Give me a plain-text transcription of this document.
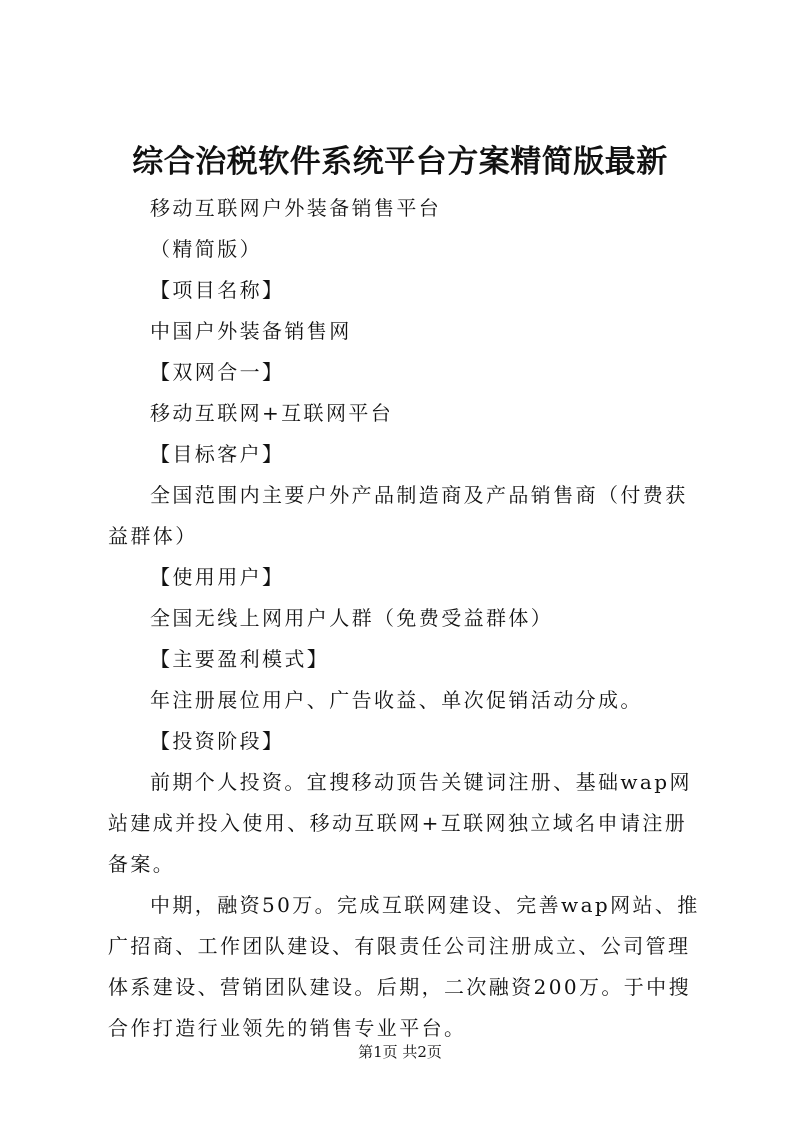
综合治税软件系统平台方案精简版最新

移动互联网户外装备销售平台

（精简版）

【项目名称】

中国户外装备销售网

【双网合一】

移动互联网+互联网平台

【目标客户】

全国范围内主要户外产品制造商及产品销售商（付费获益群体）

【使用用户】

全国无线上网用户人群（免费受益群体）

【主要盈利模式】

年注册展位用户、广告收益、单次促销活动分成。

【投资阶段】

前期个人投资。宜搜移动顶告关键词注册、基础wap网站建成并投入使用、移动互联网+互联网独立域名申请注册备案。

中期，融资50万。完成互联网建设、完善wap网站、推广招商、工作团队建设、有限责任公司注册成立、公司管理体系建设、营销团队建设。后期，二次融资200万。于中搜合作打造行业领先的销售专业平台。

第1页 共2页
